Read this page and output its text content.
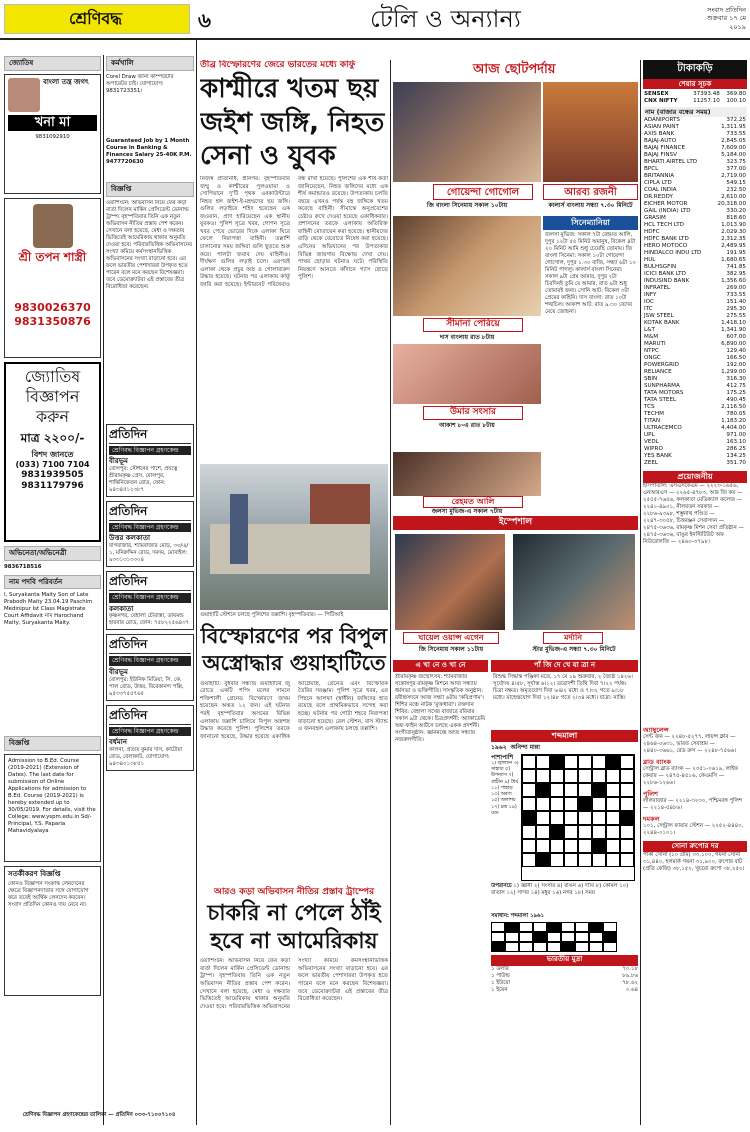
শ্রেণিবদ্ধ	৬	টেলি ও অন্যান্য	সংবাদ প্রতিদিন
শুক্রবার ১৭ মে
২০১৯
জ্যোতিষ
বাংলা তন্ত্র জগৎ
খনা মা
9831092910
শ্রী তপন শাস্ত্রী
9830026370
9831350876
জ্যোতিষ
বিজ্ঞাপন
করুন
মাত্র ২২০০/-
বিশদ জানতে
(033) 7100 7104
9831939505
9831179796
অভিনেতা/অভিনেত্রী
9836718516
নাম পদবি পরিবর্তন
I, Suryakanta Maity Son of Late Prabodh Maity 23.04.19 Paschim Medinipur Ist Class Magistrate Court Affidavit নাম Harochand Maity, Suryakanta Maity.
বিজ্ঞপ্তি
Admission to B.Ed. Course (2019-2021) (Extension of Dates). The last date for submission of Online Applications for admission to B.Ed. Course (2019-2021) is hereby extended up to 30/05/2019. For details, visit the College: www.yspm.edu.in Sd/- Principal, Y.S. Paparia Mahavidyalaya
সতর্কীকরণ বিজ্ঞপ্তি
কোনও বিজ্ঞাপন সংক্রান্ত লেনদেনের ক্ষেত্রে বিজ্ঞাপনদাতার সঙ্গে যোগাযোগ করে তবেই আর্থিক লেনদেন করবেন। সংবাদ প্রতিদিন কোনও দায় নেবে না।
কর্মখালি
Corel Draw জানা কম্পিউটার অপারেটর চাই। যোগাযোগ: 9831723351।
Guaranteed Job by 1 Month Course in Banking & Finances Salary 25-40K P.M. 9477720630
বিজ্ঞপ্তি
ওয়াশিংটন: অভিবাসন নিয়ে ফের কড়া বার্তা দিলেন মার্কিন প্রেসিডেন্ট ডোনাল্ড ট্রাম্প। বৃহস্পতিবার তিনি এক নতুন অভিবাসন নীতির প্রস্তাব পেশ করেন। সেখানে বলা হয়েছে, মেধা ও দক্ষতার ভিত্তিতেই আমেরিকায় থাকার অনুমতি দেওয়া হবে। পরিবারভিত্তিক অভিবাসনের সংখ্যা কমিয়ে কর্মসংস্থানভিত্তিক অভিবাসনের সংখ্যা বাড়ানো হবে। এর ফলে ভারতীয় পেশাদাররা উপকৃত হতে পারেন বলে মনে করছেন বিশেষজ্ঞরা। তবে ডেমোক্র্যাটরা এই প্রস্তাবের তীব্র বিরোধিতা করেছেন।
প্রতিদিন
শ্রেণিবদ্ধ বিজ্ঞাপন গ্রহণকেন্দ্র
বীরভূম
বোলপুর: স্টেশনের পাশে, প্রযত্নে শ্রীরামকৃষ্ণ প্রেস, বোলপুর, শান্তিনিকেতন রোড, ফোন: ৯৪৩৪৫১২৩৮৭
প্রতিদিন
শ্রেণিবদ্ধ বিজ্ঞাপন গ্রহণকেন্দ্র
উত্তর কলকাতা
বাগবাজার, শ্যামবাজার মোড়, ৩৩/এ/১, মনিরুদ্দিন রোড, দমদম, মোবাইল: ৯৩৩১৩১৩৩০৪
প্রতিদিন
শ্রেণিবদ্ধ বিজ্ঞাপন গ্রহণকেন্দ্র
কলকাতা
কৃষ্ণনগর, বেহালা চৌরাস্তা, ডায়মন্ড হারবার রোড, ফোন: ৭৫৮২২৫৬৪৩৭
প্রতিদিন
শ্রেণিবদ্ধ বিজ্ঞাপন গ্রহণকেন্দ্র
বীরভূম
বোলপুর: ইউনিক মিডিয়া, সি. কে. পাল রোড, উত্তর, বিবেকানন্দ পল্লি, ৯৫৩৩৭৫৫৭৬৫
প্রতিদিন
শ্রেণিবদ্ধ বিজ্ঞাপন গ্রহণকেন্দ্র
বর্ধমান
কালনা, প্রত্যয় কুমার দাস, কাটোয়া রোড, বেলাকাট, যোগাযোগ: ৯৪৩৪০১৩৮৫১
শ্রেণিবদ্ধ বিজ্ঞাপন গ্রহণকেন্দ্রের তালিকা — প্রতিদিন ০৩৩-৭১০০৭১০৪
তীব্র বিস্ফোরণের জেরে ভারতের মধ্যে কার্ফু
কাশ্মীরে খতম ছয় জইশ জঙ্গি, নিহত সেনা ও যুবক
নিজস্ব প্রতিনিধি, শ্রীনগর: বৃহস্পতিবার জম্মু ও কাশ্মীরের পুলওয়ামা ও সোপিয়ানে দু'টি পৃথক এনকাউন্টারে নিহত হল জইশ-ই-মহম্মদের ছয় জঙ্গি। গুলির লড়াইয়ে শহিদ হয়েছেন এক জওয়ান, প্রাণ হারিয়েছেন এক স্থানীয় যুবকও। পুলিশ সূত্রে খবর, গোপন সূত্রে খবর পেয়ে ভোরের দিকে এলাকা ঘিরে ফেলে নিরাপত্তা বাহিনী। তল্লাশি চালানোর সময় জঙ্গিরা গুলি ছুড়তে শুরু করে। পালটা জবাব দেয় বাহিনীও। দীর্ঘক্ষণ গুলির লড়াই চলে। এরপরই এলাকা থেকে প্রচুর অস্ত্র ও গোলাবারুদ উদ্ধার হয়েছে। ঘটনার পর এলাকায় কার্ফু জারি করা হয়েছে। ইন্টারনেট পরিষেবাও বন্ধ রাখা হয়েছে। পুলিশের এক শীর্ষ কর্তা জানিয়েছেন, নিহত জঙ্গিদের মধ্যে এক শীর্ষ কমান্ডারও রয়েছে। উপত্যকায় চলতি বছরে এখনও পর্যন্ত বহু জঙ্গিকে খতম করেছে বাহিনী। সীমান্তে অনুপ্রবেশের চেষ্টাও রুখে দেওয়া হয়েছে একাধিকবার। প্রশাসনের তরফে এলাকায় অতিরিক্ত বাহিনী মোতায়েন করা হয়েছে। স্থানীয়দের বাড়ি থেকে বেরোতে নিষেধ করা হয়েছে। এদিনের অভিযানের পর উপত্যকার বিভিন্ন জায়গায় বিক্ষোভ দেখা দেয়। পাথর ছোড়ার ঘটনাও ঘটে। পরিস্থিতি নিয়ন্ত্রণে আনতে কাঁদানে গ্যাস ছোড়ে পুলিশ।
গুয়াহাটি স্টেশনে চলছে পুলিশের তল্লাশি। বৃহস্পতিবার। — পিটিআই
বিস্ফোরণের পর বিপুল অস্ত্রোদ্ধার গুয়াহাটিতে
গুয়াহাটি: বুধবার সন্ধ্যায় গুয়াহাটির জু রোডে একটি শপিং মলের সামনে শক্তিশালী গ্রেনেড বিস্ফোরণে জখম হয়েছেন অন্তত ১২ জন। এই ঘটনার পরই বৃহস্পতিবার অসমের বিভিন্ন এলাকায় তল্লাশি চালিয়ে বিপুল অস্ত্রশস্ত্র উদ্ধার করেছে পুলিশ। পুলিশের তরফে জানানো হয়েছে, উদ্ধার হয়েছে একাধিক আগ্নেয়াস্ত্র, গ্রেনেড এবং বিস্ফোরক তৈরির সরঞ্জাম। পুলিশ সূত্রে খবর, এর পিছনে আলফা (স্বাধীন) জঙ্গিদের হাত রয়েছে বলে প্রাথমিকভাবে সন্দেহ করা হচ্ছে। ঘটনার পর গোটা শহরে নিরাপত্তা বাড়ানো হয়েছে। রেল স্টেশন, বাস স্ট্যান্ড ও জনবহুল এলাকায় চলছে তল্লাশি।
আরও কড়া অভিবাসন নীতির প্রস্তাব ট্রাম্পের
চাকরি না পেলে ঠাঁই হবে না আমেরিকায়
ওয়াশিংটন: অভিবাসন নিয়ে ফের কড়া বার্তা দিলেন মার্কিন প্রেসিডেন্ট ডোনাল্ড ট্রাম্প। বৃহস্পতিবার তিনি এক নতুন অভিবাসন নীতির প্রস্তাব পেশ করেন। সেখানে বলা হয়েছে, মেধা ও দক্ষতার ভিত্তিতেই আমেরিকায় থাকার অনুমতি দেওয়া হবে। পরিবারভিত্তিক অভিবাসনের সংখ্যা কমিয়ে কর্মসংস্থানভিত্তিক অভিবাসনের সংখ্যা বাড়ানো হবে। এর ফলে ভারতীয় পেশাদাররা উপকৃত হতে পারেন বলে মনে করছেন বিশেষজ্ঞরা। তবে ডেমোক্র্যাটরা এই প্রস্তাবের তীব্র বিরোধিতা করেছেন।
আজ ছোটপর্দায়
গোয়েন্দা গোগোল
জি বাংলা সিনেমায় সকাল ১০টায়
আরব্য রজনী
কালার্স বাংলায় সন্ধ্যা ৭.৩০ মিনিটে
সীমানা পেরিয়ে
দাস বাংলায় রাত ৮টায়
উমার সংসার
আকাশ ৮-এ রাত ৮টায়
সিনেম্যানিয়া
জলসা মুভিজ: সকাল ৭টা রেহমত আলি, দুপুর ১২টা ৫৫ মিনিট অমানুষ, বিকেল ৪টা ২০ মিনিট আমি শুধু চেয়েছি তোমায়। জি বাংলা সিনেমা: সকাল ১০টা গোয়েন্দা গোগোল, দুপুর ১.৩০ বাজি, সন্ধ্যা ৬টা ১০ মিনিট পাগলু। কালার্স বাংলা সিনেমা: সকাল ৯টা প্রেম আমার, দুপুর ২টা চিরদিনই তুমি যে আমার, রাত ৯টা শুধু তোমারই জন্য। সোনি আট: বিকেল ৩টা প্রেমের কাহিনি। দাস বাংলা: রাত ১০টা শঙ্খচিল। আকাশ আট: রাত ৯.৩০ বেদের মেয়ে জোছনা।
রেহমত আলি
জলসা মুভিজ-এ সকাল ৭টায়
ইস্পেশাল
ঘায়েল ওয়ান্স এগেন
জি সিনেমায় সকাল ১১টায়
মর্দানি
স্টার মুভিজ-এ সন্ধ্যা ৭.৩০ মিনিটে
এ খা নে ও খা নে
শ্রীরামকৃষ্ণ জন্মোৎসব: শ্যামবাজার সন্তোষপুর রামকৃষ্ণ মিশনে আজ সন্ধ্যায় ধর্মসভা ও ভক্তিগীতি। সাংস্কৃতিক অনুষ্ঠান: রবীন্দ্রসদনে আজ সন্ধ্যা ৬টায় 'কবিপ্রণাম'। শিশির মঞ্চে নাটক 'মুক্তধারা'। রক্তদান শিবির: বেহালা সখের বাজারে রবিবার সকাল ৯টা থেকে। চিত্রপ্রদর্শনী: অ্যাকাডেমি অফ ফাইন আর্টসে চলছে একক প্রদর্শনী। সংগীতানুষ্ঠান: জ্ঞানমঞ্চে আজ সন্ধ্যায় নজরুলগীতি।
পাঁ জি দে খে যা ত্রা ন
বিশুদ্ধ সিদ্ধান্ত পঞ্জিকা মতে, ১৭ মে ১৯ শুক্রবার, ২ জ্যৈষ্ঠ ১৪২৬। সূর্যোদয় ৪।৫৮, সূর্যাস্ত ৬।১২। ত্রয়োদশী তিথি দিবা ৭।২২ পর্যন্ত। চিত্রা নক্ষত্র। অমৃতযোগ দিবা ৬।৪২ মধ্যে ও ৭।৩২ গতে ৯।১৮ মধ্যে। মাহেন্দ্রযোগ দিবা ১২।৪৮ গতে ২।৩৪ মধ্যে। যাত্রা: নাস্তি।
শব্দমালা
১৯৬২ অনিন্দ্য মান্না
পাশাপাশি
১) জ্বালানি ৩) সাহায্য ৫) উপন্যাস ৭) প্রাচীন ৯) ধৈর্য ১১) পাহাড় ১৩) অরণ্য ১৫) জলাশয় ১৭) চন্দ্র ১৯) মেঘ
উপরনিচে ১) জ্ঞানী ২) সংসার ৪) রঙিন ৬) দাবি ৮) কোমল ১০) বাতাস ১২) সাগর ১৪) মধুর ১৬) নগর ১৮) সময়
সমাধান: শব্দমালা ১৯৬১
ভারতীয় মুদ্রা
১ ডলার	৭০.১৮
১ পাউন্ড	৮৯.৮৬
১ ইউরো	৭৮.৬২
১ ইয়েন	০.৬৪
টাকাকড়ি
শেয়ার সূচক
SENSEX	37393.48	369.80
CNX NIFTY	11257.10	100.10
নাম (বাজার বন্ধের সময়)
ADANIPORTS	372.25
ASIAN PAINT	1,311.95
AXIS BANK	733.55
BAJAJ-AUTO	2,845.05
BAJAJ FINANCE	7,609.00
BAJAJ FINSV	5,184.00
BHARTI AIRTEL LTD	323.75
BPCL	377.00
BRITANNIA	2,719.00
CIPLA LTD	549.15
COAL INDIA	232.50
DR.REDDY	2,610.00
EICHER MOTOR	20,318.00
GAIL (INDIA) LTD	330.20
GRASIM	818.60
HCL TECH LTD	1,013.90
HDFC	2,029.30
HDFC BANK LTD	2,312.35
HERO MOTOCO	2,489.95
HINDALCO INDU LTD	191.95
HUL	1,680.65
BULHSGFIN	741.85
ICICI BANK LTD	382.95
INDUSIND BANK	1,356.60
INFRATEL	269.00
INFY	733.55
IOC	151.40
ITC	295.30
JSW STEEL	275.55
KOTAK BANK	1,418.10
L&T	1,341.90
M&M	607.00
MARUTI	6,890.00
NTPC	129.40
ONGC	166.50
POWERGRID	192.00
RELIANCE	1,299.00
SBIN	316.30
SUNPHARMA	412.75
TATA MOTORS	175.25
TATA STEEL	490.45
TCS	2,116.50
TECHM	780.05
TITAN	1,183.20
ULTRACEMCO	4,404.00
UPL	971.00
VEDL	163.10
WIPRO	286.25
YES BANK	134.25
ZEEL	351.70
প্রয়োজনীয়
হাসপাতাল: এসএসকেএম — ২২২৩-১৬৫৬, এনআরএস — ২২৬৫-৪৭৮৩, আর জি কর — ২৫৫৫-৭৬৫৬, কলকাতা মেডিক্যাল কলেজ — ২২৪১-৪৯০১, নীলরতন সরকার — ২২৮৬-৯৩৯৮, শম্ভুনাথ পণ্ডিত — ২২৪৭-৩০৫৮, চিত্তরঞ্জন সেবাসদন — ২৪৭৫-৩৬৩৬, রামকৃষ্ণ মিশন সেবা প্রতিষ্ঠান — ২৪৭৫-৩৬৩৬, বাঙুর ইনস্টিটিউট অফ নিউরোলজি — ২৪৬০-৩৭৯৮।
অ্যাম্বুলেন্স
সেন্ট জন — ২২৪৮-৫২৭৭, লায়ন্স ক্লাব — ২৪৬৪-০৬৩১, ভারত সেবাশ্রম — ২৪৪০-৩৬৬১, রেড ক্রস — ২২৪৮-৭৫৬৬।
ব্লাড ব্যাংক
সেন্ট্রাল ব্লাড ব্যাংক — ২৩৫১-০৬১৯, লাইফ কেয়ার — ২৪৭৫-৪৫১৬, কেএমসি — ২২৮৬-১২৬৬।
পুলিশ
লালবাজার — ২২১৪-৩২৩০, পশ্চিমবঙ্গ পুলিশ — ২২১৪-৫৪৮৬।
দমকল
১০১, সেন্ট্রাল ফায়ার স্টেশন — ২২৫২-৪৪৪০, ২২৪৪-০১০১।
সোনা রুপোর দর
পাকা সোনা (১০ গ্রাম) ৩৩,১০০, গয়না সোনা ৩১,৪৪০, হলমার্ক গয়না ৩১,৯০০, রুপোর বাট (প্রতি কেজি) ৩৮,১৫০, খুচরো রুপো ৩৮,২৫০।
